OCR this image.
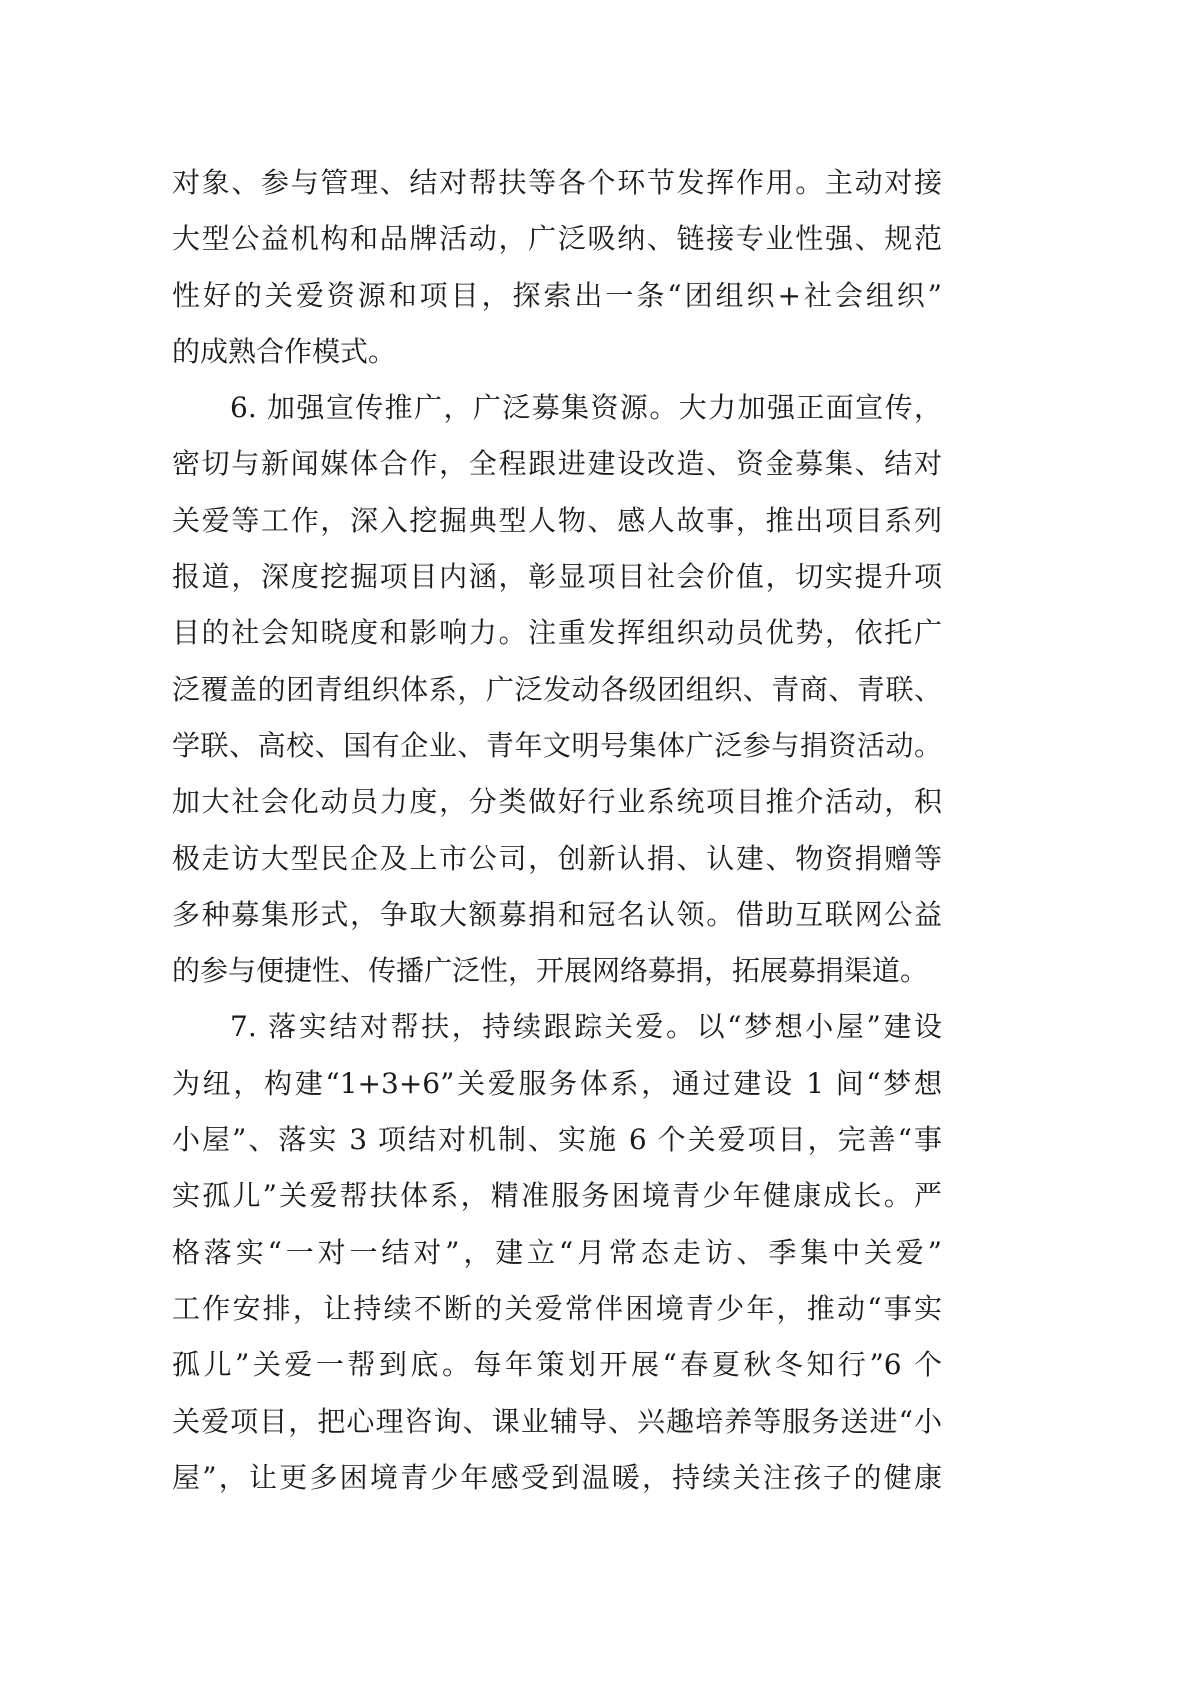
对象、参与管理、结对帮扶等各个环节发挥作用。主动对接
大型公益机构和品牌活动，广泛吸纳、链接专业性强、规范
性好的关爱资源和项目，探索出一条“团组织+社会组织”
的成熟合作模式。
6. 加强宣传推广，广泛募集资源。大力加强正面宣传，
密切与新闻媒体合作，全程跟进建设改造、资金募集、结对
关爱等工作，深入挖掘典型人物、感人故事，推出项目系列
报道，深度挖掘项目内涵，彰显项目社会价值，切实提升项
目的社会知晓度和影响力。注重发挥组织动员优势，依托广
泛覆盖的团青组织体系，广泛发动各级团组织、青商、青联、
学联、高校、国有企业、青年文明号集体广泛参与捐资活动。
加大社会化动员力度，分类做好行业系统项目推介活动，积
极走访大型民企及上市公司，创新认捐、认建、物资捐赠等
多种募集形式，争取大额募捐和冠名认领。借助互联网公益
的参与便捷性、传播广泛性，开展网络募捐，拓展募捐渠道。
7. 落实结对帮扶，持续跟踪关爱。以“梦想小屋”建设
为纽，构建“1+3+6”关爱服务体系，通过建设 1 间“梦想
小屋”、落实 3 项结对机制、实施 6 个关爱项目，完善“事
实孤儿”关爱帮扶体系，精准服务困境青少年健康成长。严
格落实“一对一结对”，建立“月常态走访、季集中关爱”
工作安排，让持续不断的关爱常伴困境青少年，推动“事实
孤儿”关爱一帮到底。每年策划开展“春夏秋冬知行”6 个
关爱项目，把心理咨询、课业辅导、兴趣培养等服务送进“小
屋”，让更多困境青少年感受到温暖，持续关注孩子的健康
